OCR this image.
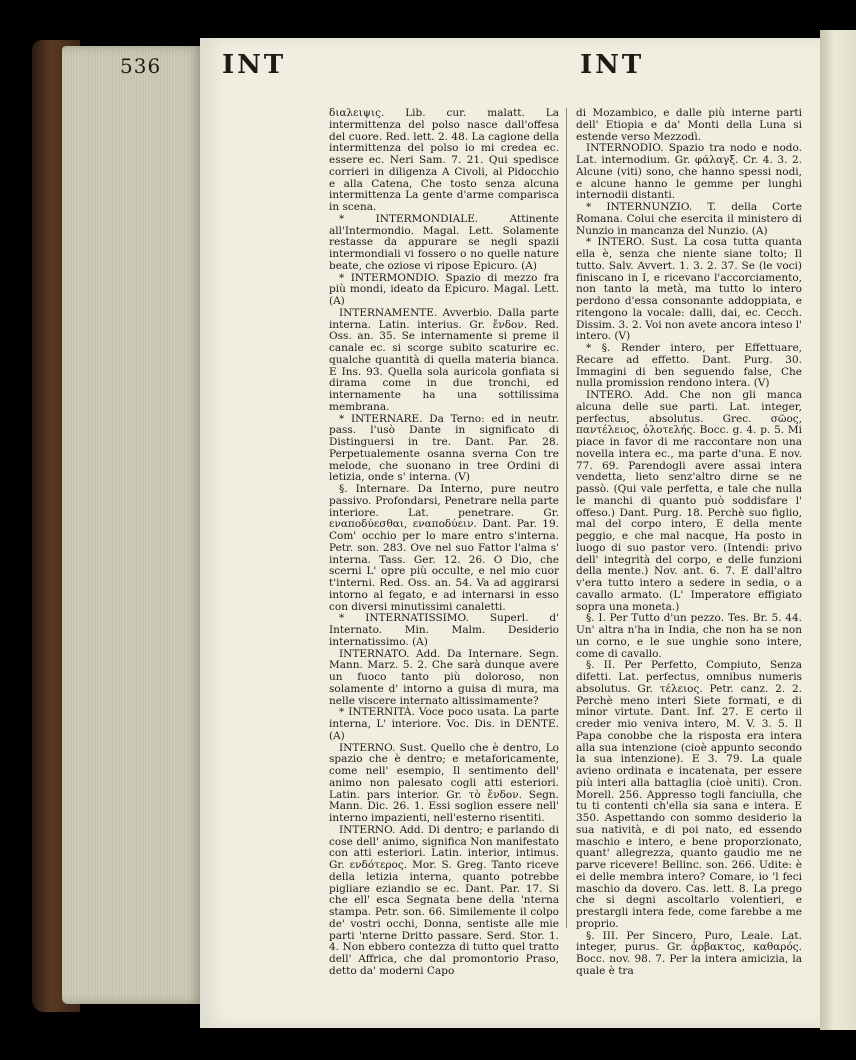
536 INT	INT

διαλειψις. Lib. cur. malatt. La intermittenza del polso nasce dall'offesa del cuore. Red. lett. 2. 48. La cagione della intermittenza del polso io mi credea ec. essere ec. Neri Sam. 7. 21. Qui spedisce corrieri in diligenza A Civoli, al Pidocchio e alla Catena, Che tosto senza alcuna intermittenza La gente d'arme comparisca in scena.

* INTERMONDIALE. Attinente all'Intermondio. Magal. Lett. Solamente restasse da appurare se negli spazii intermondiali vi fossero o no quelle nature beate, che oziose vi ripose Epicuro. (A)

* INTERMONDIO. Spazio di mezzo fra più mondi, ideato da Epicuro. Magal. Lett. (A)

INTERNAMENTE. Avverbio. Dalla parte interna. Latin. interius. Gr. ἔνδον. Red. Oss. an. 35. Se internamente si preme il canale ec. si scorge subito scaturire ec. qualche quantità di quella materia bianca. E Ins. 93. Quella sola auricola gonfiata si dirama come in due tronchi, ed internamente ha una sottilissima membrana.

* INTERNARE. Da Terno: ed in neutr. pass. l'usò Dante in significato di Distinguersi in tre. Dant. Par. 28. Perpetualemente osanna sverna Con tre melode, che suonano in tree Ordini di letizia, onde s' interna. (V)

§. Internare. Da Interno, pure neutro passivo. Profondarsi, Penetrare nella parte interiore. Lat. penetrare. Gr. εναποδύεσθαι, εναποδύειν. Dant. Par. 19. Com' occhio per lo mare entro s'interna. Petr. son. 283. Ove nel suo Fattor l'alma s' interna. Tass. Ger. 12. 26. O Dio, che scerni L' opre più occulte, e nel mio cuor t'interni. Red. Oss. an. 54. Va ad aggirarsi intorno al fegato, e ad internarsi in esso con diversi minutissimi canaletti.

* INTERNATISSIMO. Superl. d' Internato. Min. Malm. Desiderio internatissimo. (A)

INTERNATO. Add. Da Internare. Segn. Mann. Marz. 5. 2. Che sarà dunque avere un fuoco tanto più doloroso, non solamente d' intorno a guisa di mura, ma nelle viscere internato altissimamente?

* INTERNITÀ. Voce poco usata. La parte interna, L' interiore. Voc. Dis. in DENTE. (A)

INTERNO. Sust. Quello che è dentro, Lo spazio che è dentro; e metaforicamente, come nell' esempio, Il sentimento dell' animo non palesato cogli atti esteriori. Latin. pars interior. Gr. τὸ ἔνδον. Segn. Mann. Dic. 26. 1. Essi soglion essere nell' interno impazienti, nell'esterno risentiti.

INTERNO. Add. Di dentro; e parlando di cose dell' animo, significa Non manifestato con atti esteriori. Latin. interior, intimus. Gr. ενδότερος. Mor. S. Greg. Tanto riceve della letizia interna, quanto potrebbe pigliare eziandio se ec. Dant. Par. 17. Si che ell' esca Segnata bene della 'nterna stampa. Petr. son. 66. Similemente il colpo de' vostri occhi, Donna, sentiste alle mie parti 'nterne Dritto passare. Serd. Stor. 1. 4. Non ebbero contezza di tutto quel tratto dell' Affrica, che dal promontorio Praso, detto da' moderni Capo

di Mozambico, e dalle più interne parti dell' Etiopia e da' Monti della Luna si estende verso Mezzodì.

INTERNODIO. Spazio tra nodo e nodo. Lat. internodium. Gr. φάλαγξ. Cr. 4. 3. 2. Alcune (viti) sono, che hanno spessi nodi, e alcune hanno le gemme per lunghi internodii distanti.

* INTERNUNZIO. T. della Corte Romana. Colui che esercita il ministero di Nunzio in mancanza del Nunzio. (A)

* INTERO. Sust. La cosa tutta quanta ella è, senza che niente siane tolto; Il tutto. Salv. Avvert. 1. 3. 2. 37. Se (le voci) finiscano in I, e ricevano l'accorciamento, non tanto la metà, ma tutto lo intero perdono d'essa consonante addoppiata, e ritengono la vocale: dalli, dai, ec. Cecch. Dissim. 3. 2. Voi non avete ancora inteso l' intero. (V)

* §. Render intero, per Effettuare, Recare ad effetto. Dant. Purg. 30. Immagini di ben seguendo false, Che nulla promission rendono intera. (V)

INTERO. Add. Che non gli manca alcuna delle sue parti. Lat. integer, perfectus, absolutus. Grec. σῶος, παντέλειος, ὁλοτελής. Bocc. g. 4. p. 5. Mi piace in favor di me raccontare non una novella intera ec., ma parte d'una. E nov. 77. 69. Parendogli avere assai intera vendetta, lieto senz'altro dirne se ne passò. (Qui vale perfetta, e tale che nulla le manchi di quanto può soddisfare l' offeso.) Dant. Purg. 18. Perchè suo figlio, mal del corpo intero, E della mente peggio, e che mal nacque, Ha posto in luogo di suo pastor vero. (Intendi: privo dell' integrità del corpo, e delle funzioni della mente.) Nov. ant. 6. 7. E dall'altro v'era tutto intero a sedere in sedia, o a cavallo armato. (L' Imperatore effigiato sopra una moneta.)

§. I. Per Tutto d'un pezzo. Tes. Br. 5. 44. Un' altra n'ha in India, che non ha se non un corno, e le sue unghie sono intere, come di cavallo.

§. II. Per Perfetto, Compiuto, Senza difetti. Lat. perfectus, omnibus numeris absolutus. Gr. τέλειος. Petr. canz. 2. 2. Perchè meno interi Siete formati, e di minor virtute. Dant. Inf. 27. E certo il creder mio veniva intero, M. V. 3. 5. Il Papa conobbe che la risposta era intera alla sua intenzione (cioè appunto secondo la sua intenzione). E 3. 79. La quale avieno ordinata e incatenata, per essere più interi alla battaglia (cioè uniti). Cron. Morell. 256. Appresso togli fanciulla, che tu ti contenti ch'ella sia sana e intera. E 350. Aspettando con sommo desiderio la sua natività, e di poi nato, ed essendo maschio e intero, e bene proporzionato, quant' allegrezza, quanto gaudio me ne parve ricevere! Bellinc. son. 266. Udite: è ei delle membra intero? Comare, io 'l feci maschio da dovero. Cas. lett. 8. La prego che si degni ascoltarlo volentieri, e prestargli intera fede, come farebbe a me proprio.

§. III. Per Sincero, Puro, Leale. Lat. integer, purus. Gr. ἀρβακτος, καθαρός. Bocc. nov. 98. 7. Per la intera amicizia, la quale è tra
